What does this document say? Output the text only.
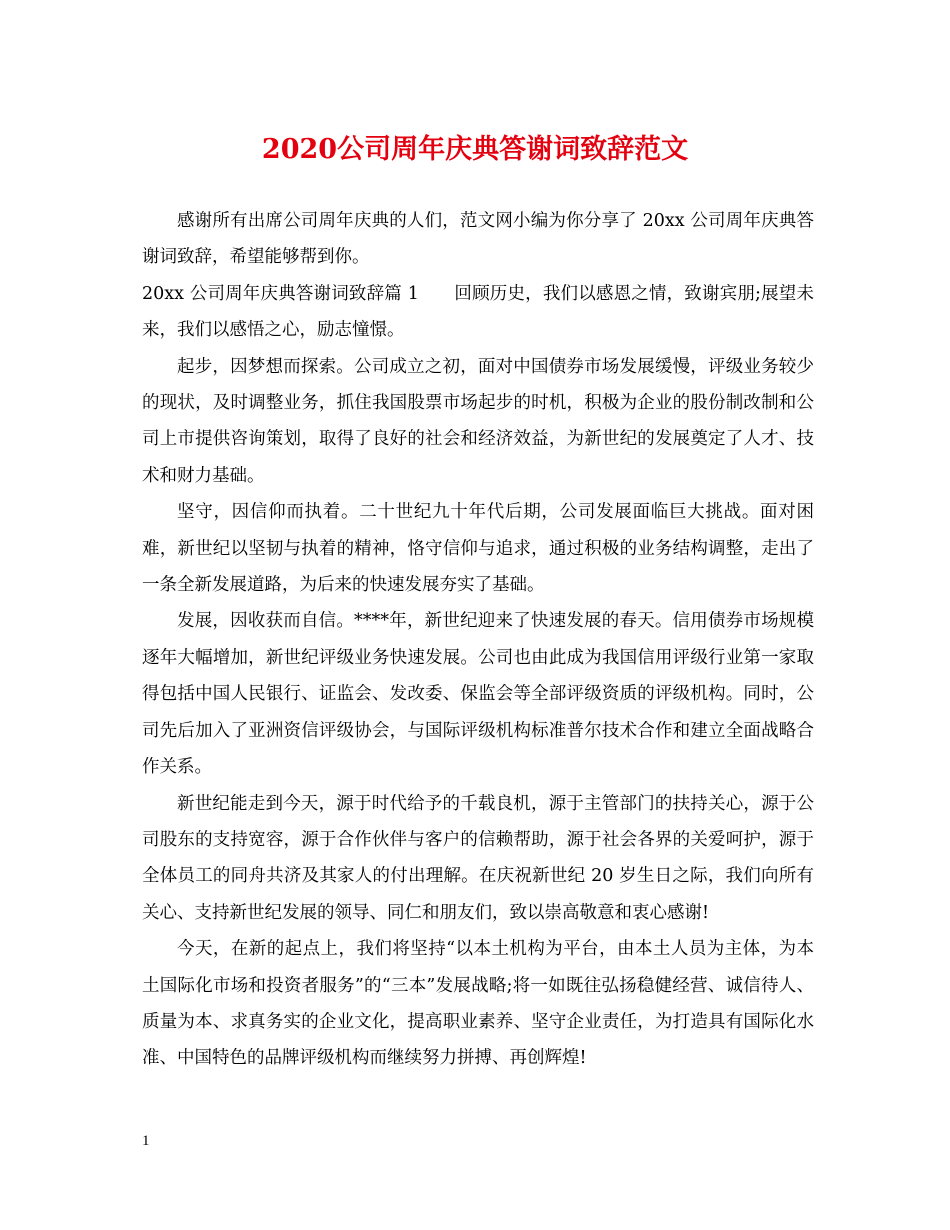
2020公司周年庆典答谢词致辞范文

感谢所有出席公司周年庆典的人们，范文网小编为你分享了 20xx 公司周年庆典答谢词致辞，希望能够帮到你。

20xx 公司周年庆典答谢词致辞篇 1　　回顾历史，我们以感恩之情，致谢宾朋;展望未来，我们以感悟之心，励志憧憬。

起步，因梦想而探索。公司成立之初，面对中国债券市场发展缓慢，评级业务较少的现状，及时调整业务，抓住我国股票市场起步的时机，积极为企业的股份制改制和公司上市提供咨询策划，取得了良好的社会和经济效益，为新世纪的发展奠定了人才、技术和财力基础。

坚守，因信仰而执着。二十世纪九十年代后期，公司发展面临巨大挑战。面对困难，新世纪以坚韧与执着的精神，恪守信仰与追求，通过积极的业务结构调整，走出了一条全新发展道路，为后来的快速发展夯实了基础。

发展，因收获而自信。****年，新世纪迎来了快速发展的春天。信用债券市场规模逐年大幅增加，新世纪评级业务快速发展。公司也由此成为我国信用评级行业第一家取得包括中国人民银行、证监会、发改委、保监会等全部评级资质的评级机构。同时，公司先后加入了亚洲资信评级协会，与国际评级机构标准普尔技术合作和建立全面战略合作关系。

新世纪能走到今天，源于时代给予的千载良机，源于主管部门的扶持关心，源于公司股东的支持宽容，源于合作伙伴与客户的信赖帮助，源于社会各界的关爱呵护，源于全体员工的同舟共济及其家人的付出理解。在庆祝新世纪 20 岁生日之际，我们向所有关心、支持新世纪发展的领导、同仁和朋友们，致以崇高敬意和衷心感谢!

今天，在新的起点上，我们将坚持“以本土机构为平台，由本土人员为主体，为本土国际化市场和投资者服务”的“三本”发展战略;将一如既往弘扬稳健经营、诚信待人、质量为本、求真务实的企业文化，提高职业素养、坚守企业责任，为打造具有国际化水准、中国特色的品牌评级机构而继续努力拼搏、再创辉煌!

1
